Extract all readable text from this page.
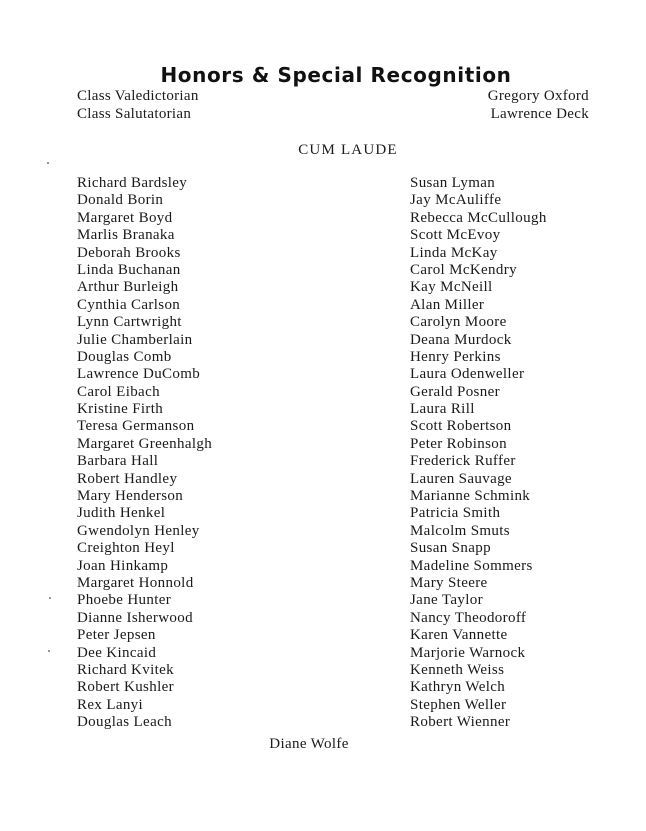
Honors & Special Recognition
Class Valedictorian	Gregory Oxford
Class Salutatorian	Lawrence Deck
CUM LAUDE
Richard Bardsley
Donald Borin
Margaret Boyd
Marlis Branaka
Deborah Brooks
Linda Buchanan
Arthur Burleigh
Cynthia Carlson
Lynn Cartwright
Julie Chamberlain
Douglas Comb
Lawrence DuComb
Carol Eibach
Kristine Firth
Teresa Germanson
Margaret Greenhalgh
Barbara Hall
Robert Handley
Mary Henderson
Judith Henkel
Gwendolyn Henley
Creighton Heyl
Joan Hinkamp
Margaret Honnold
Phoebe Hunter
Dianne Isherwood
Peter Jepsen
Dee Kincaid
Richard Kvitek
Robert Kushler
Rex Lanyi
Douglas Leach
Susan Lyman
Jay McAuliffe
Rebecca McCullough
Scott McEvoy
Linda McKay
Carol McKendry
Kay McNeill
Alan Miller
Carolyn Moore
Deana Murdock
Henry Perkins
Laura Odenweller
Gerald Posner
Laura Rill
Scott Robertson
Peter Robinson
Frederick Ruffer
Lauren Sauvage
Marianne Schmink
Patricia Smith
Malcolm Smuts
Susan Snapp
Madeline Sommers
Mary Steere
Jane Taylor
Nancy Theodoroff
Karen Vannette
Marjorie Warnock
Kenneth Weiss
Kathryn Welch
Stephen Weller
Robert Wienner
Diane Wolfe
